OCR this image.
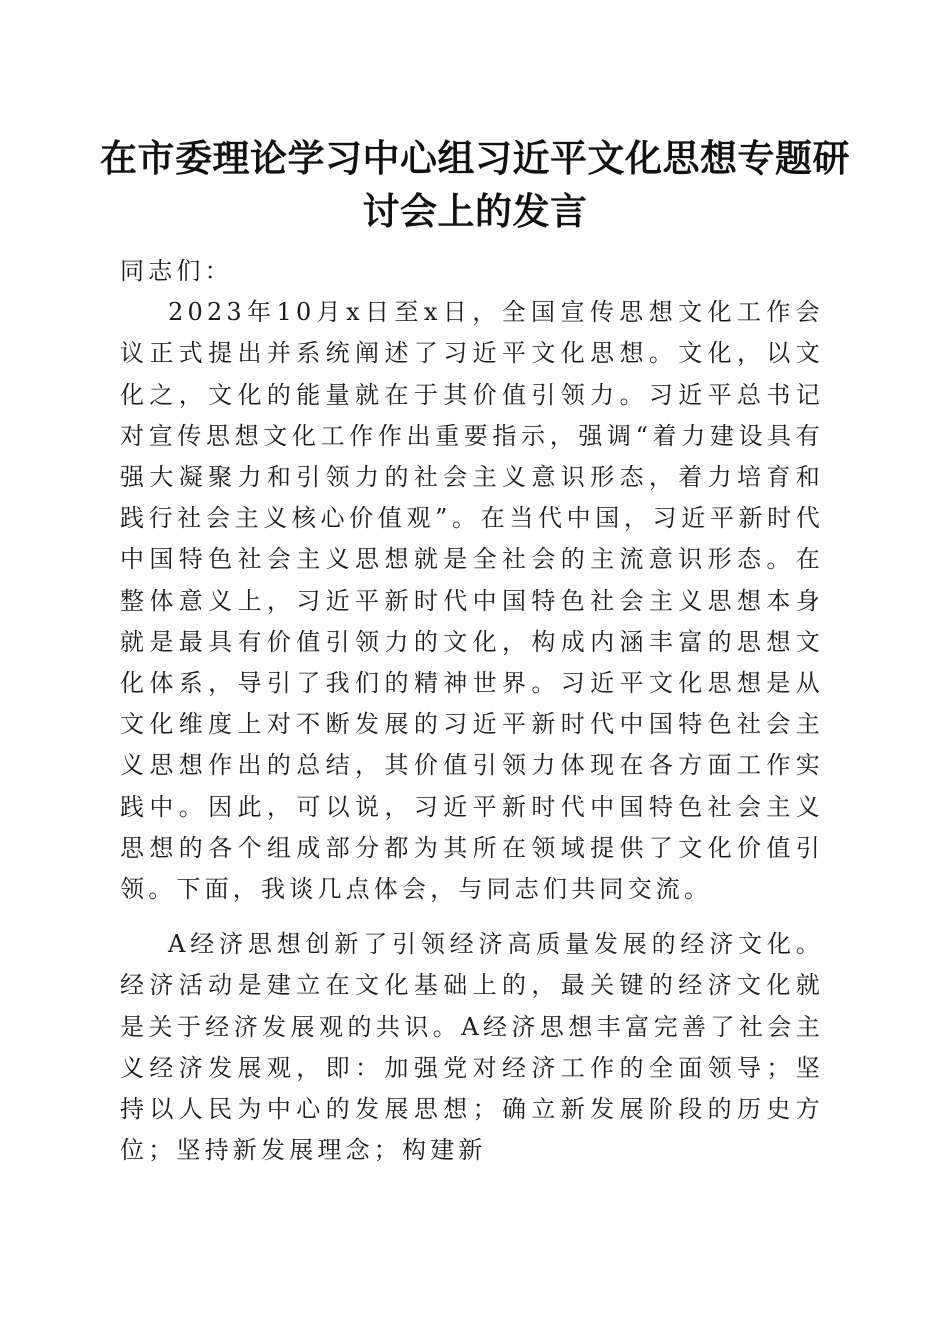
在市委理论学习中心组习近平文化思想专题研讨会上的发言

同志们：

2023年10月x日至x日，全国宣传思想文化工作会议正式提出并系统阐述了习近平文化思想。文化，以文化之，文化的能量就在于其价值引领力。习近平总书记对宣传思想文化工作作出重要指示，强调“着力建设具有强大凝聚力和引领力的社会主义意识形态，着力培育和践行社会主义核心价值观”。在当代中国，习近平新时代中国特色社会主义思想就是全社会的主流意识形态。在整体意义上，习近平新时代中国特色社会主义思想本身就是最具有价值引领力的文化，构成内涵丰富的思想文化体系，导引了我们的精神世界。习近平文化思想是从文化维度上对不断发展的习近平新时代中国特色社会主义思想作出的总结，其价值引领力体现在各方面工作实践中。因此，可以说，习近平新时代中国特色社会主义思想的各个组成部分都为其所在领域提供了文化价值引领。下面，我谈几点体会，与同志们共同交流。

A经济思想创新了引领经济高质量发展的经济文化。经济活动是建立在文化基础上的，最关键的经济文化就是关于经济发展观的共识。A经济思想丰富完善了社会主义经济发展观，即：加强党对经济工作的全面领导；坚持以人民为中心的发展思想；确立新发展阶段的历史方位；坚持新发展理念；构建新
